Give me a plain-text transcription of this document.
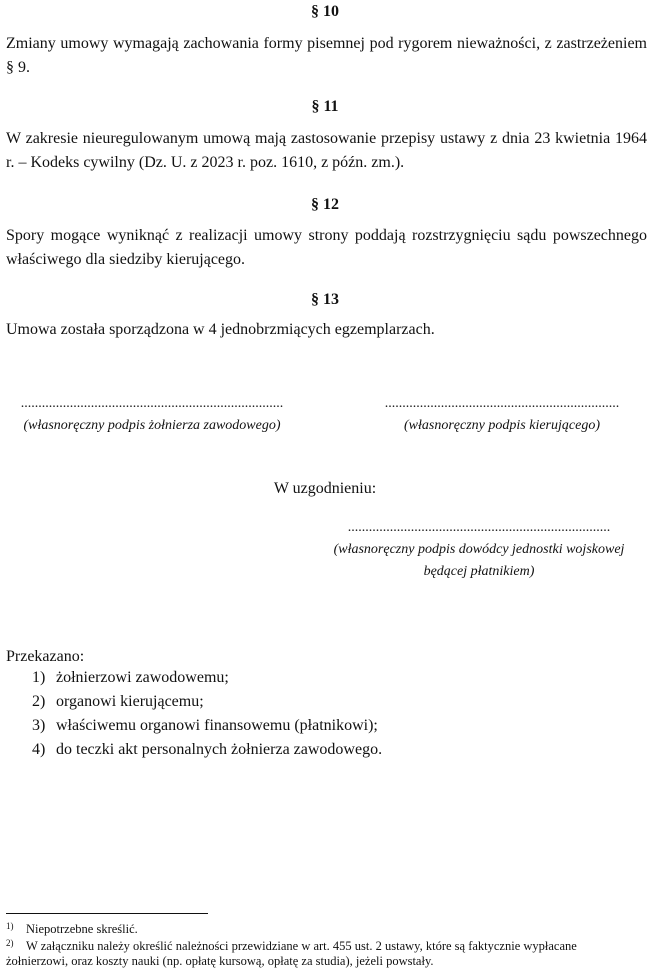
§ 10
Zmiany umowy wymagają zachowania formy pisemnej pod rygorem nieważności, z zastrzeżeniem § 9.
§ 11
W zakresie nieuregulowanym umową mają zastosowanie przepisy ustawy z dnia 23 kwietnia 1964 r. – Kodeks cywilny (Dz. U. z 2023 r. poz. 1610, z późn. zm.).
§ 12
Spory mogące wyniknąć z realizacji umowy strony poddają rozstrzygnięciu sądu powszechnego właściwego dla siedziby kierującego.
§ 13
Umowa została sporządzona w 4 jednobrzmiących egzemplarzach.
...........................................................................
(własnoręczny podpis żołnierza zawodowego)
...................................................................
(własnoręczny podpis kierującego)
W uzgodnieniu:
...........................................................................
(własnoręczny podpis dowódcy jednostki wojskowej
będącej płatnikiem)
Przekazano:
1) żołnierzowi zawodowemu;
2) organowi kierującemu;
3) właściwemu organowi finansowemu (płatnikowi);
4) do teczki akt personalnych żołnierza zawodowego.
1)	Niepotrzebne skreślić.
2)	W załączniku należy określić należności przewidziane w art. 455 ust. 2 ustawy, które są faktycznie wypłacane
żołnierzowi, oraz koszty nauki (np. opłatę kursową, opłatę za studia), jeżeli powstały.
